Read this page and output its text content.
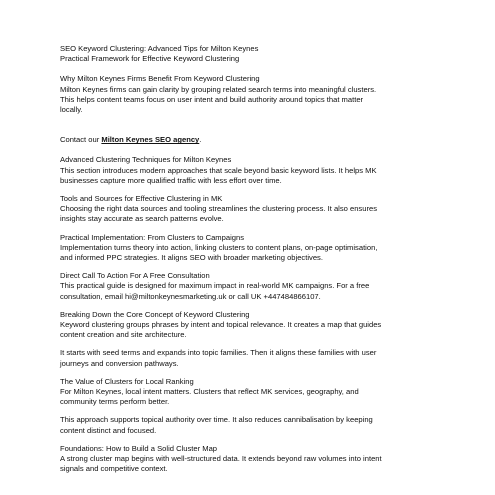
SEO Keyword Clustering: Advanced Tips for Milton Keynes
Practical Framework for Effective Keyword Clustering
Why Milton Keynes Firms Benefit From Keyword Clustering
Milton Keynes firms can gain clarity by grouping related search terms into meaningful clusters.
This helps content teams focus on user intent and build authority around topics that matter
locally.
Contact our Milton Keynes SEO agency.
Advanced Clustering Techniques for Milton Keynes
This section introduces modern approaches that scale beyond basic keyword lists. It helps MK
businesses capture more qualified traffic with less effort over time.
Tools and Sources for Effective Clustering in MK
Choosing the right data sources and tooling streamlines the clustering process. It also ensures
insights stay accurate as search patterns evolve.
Practical Implementation: From Clusters to Campaigns
Implementation turns theory into action, linking clusters to content plans, on-page optimisation,
and informed PPC strategies. It aligns SEO with broader marketing objectives.
Direct Call To Action For A Free Consultation
This practical guide is designed for maximum impact in real-world MK campaigns. For a free
consultation, email hi@miltonkeynesmarketing.uk or call UK +447484866107.
Breaking Down the Core Concept of Keyword Clustering
Keyword clustering groups phrases by intent and topical relevance. It creates a map that guides
content creation and site architecture.
It starts with seed terms and expands into topic families. Then it aligns these families with user
journeys and conversion pathways.
The Value of Clusters for Local Ranking
For Milton Keynes, local intent matters. Clusters that reflect MK services, geography, and
community terms perform better.
This approach supports topical authority over time. It also reduces cannibalisation by keeping
content distinct and focused.
Foundations: How to Build a Solid Cluster Map
A strong cluster map begins with well-structured data. It extends beyond raw volumes into intent
signals and competitive context.
